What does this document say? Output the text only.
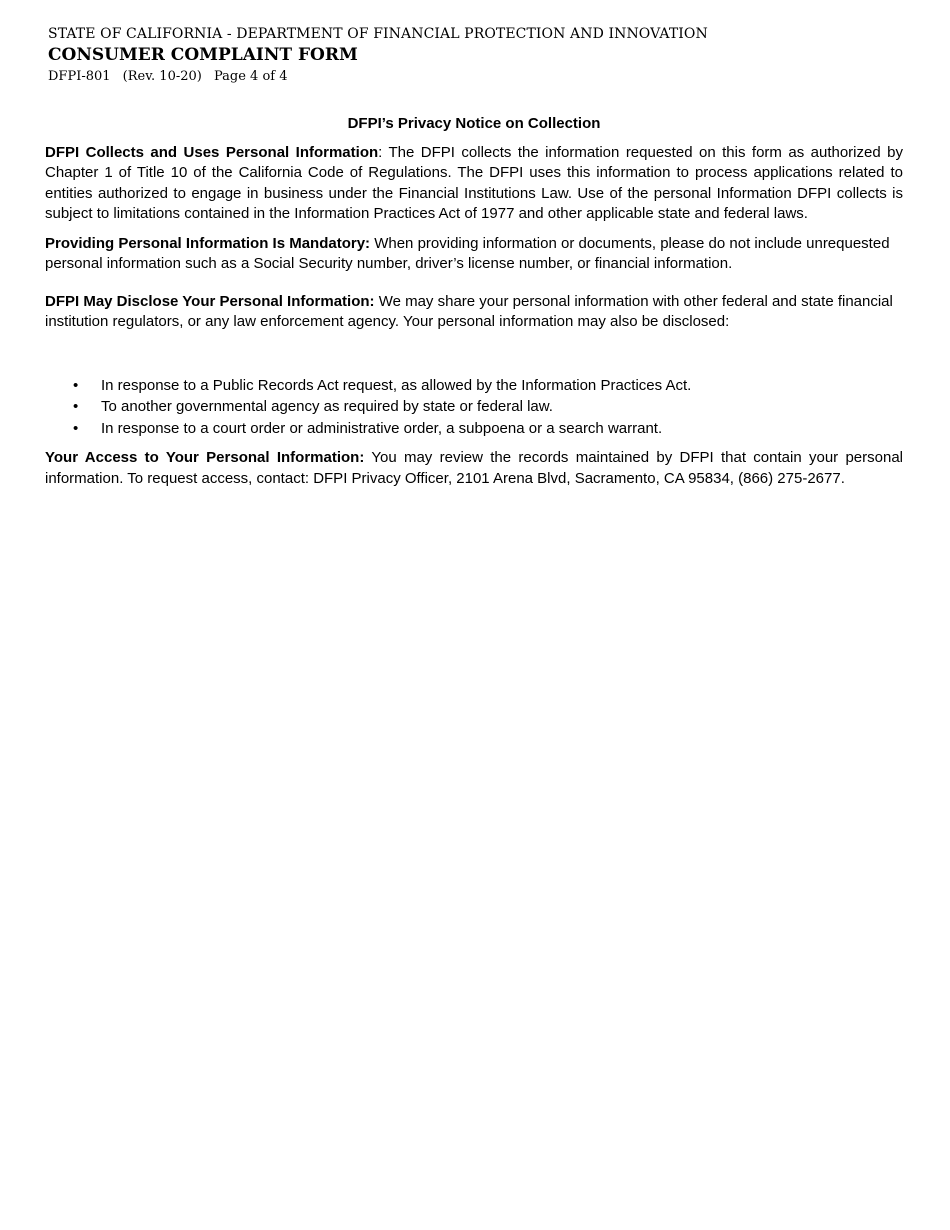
STATE OF CALIFORNIA - DEPARTMENT OF FINANCIAL PROTECTION AND INNOVATION
CONSUMER COMPLAINT FORM
DFPI-801 (Rev. 10-20) Page 4 of 4
DFPI’s Privacy Notice on Collection

DFPI Collects and Uses Personal Information: The DFPI collects the information requested on this form as authorized by Chapter 1 of Title 10 of the California Code of Regulations. The DFPI uses this information to process applications related to entities authorized to engage in business under the Financial Institutions Law. Use of the personal Information DFPI collects is subject to limitations contained in the Information Practices Act of 1977 and other applicable state and federal laws.

Providing Personal Information Is Mandatory: When providing information or documents, please do not include unrequested personal information such as a Social Security number, driver’s license number, or financial information.

DFPI May Disclose Your Personal Information: We may share your personal information with other federal and state financial institution regulators, or any law enforcement agency. Your personal information may also be disclosed:

• In response to a Public Records Act request, as allowed by the Information Practices Act.
• To another governmental agency as required by state or federal law.
• In response to a court order or administrative order, a subpoena or a search warrant.

Your Access to Your Personal Information: You may review the records maintained by DFPI that contain your personal information. To request access, contact: DFPI Privacy Officer, 2101 Arena Blvd, Sacramento, CA 95834, (866) 275-2677.
